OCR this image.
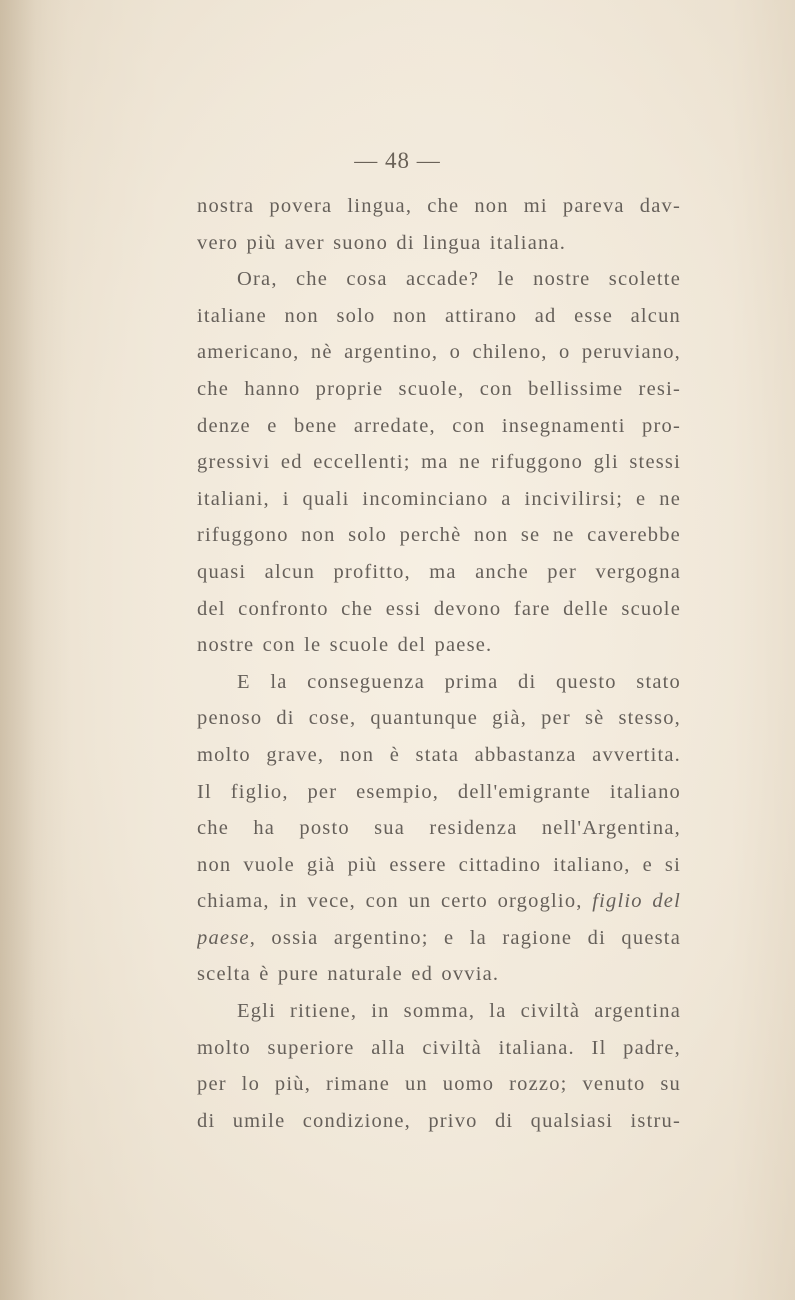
— 48 —
nostra povera lingua, che non mi pareva dav-
vero più aver suono di lingua italiana.
Ora, che cosa accade? le nostre scolette
italiane non solo non attirano ad esse alcun
americano, nè argentino, o chileno, o peruviano,
che hanno proprie scuole, con bellissime resi-
denze e bene arredate, con insegnamenti pro-
gressivi ed eccellenti; ma ne rifuggono gli stessi
italiani, i quali incominciano a incivilirsi; e ne
rifuggono non solo perchè non se ne caverebbe
quasi alcun profitto, ma anche per vergogna
del confronto che essi devono fare delle scuole
nostre con le scuole del paese.
E la conseguenza prima di questo stato
penoso di cose, quantunque già, per sè stesso,
molto grave, non è stata abbastanza avvertita.
Il figlio, per esempio, dell'emigrante italiano
che ha posto sua residenza nell'Argentina,
non vuole già più essere cittadino italiano, e si
chiama, in vece, con un certo orgoglio, figlio del
paese, ossia argentino; e la ragione di questa
scelta è pure naturale ed ovvia.
Egli ritiene, in somma, la civiltà argentina
molto superiore alla civiltà italiana. Il padre,
per lo più, rimane un uomo rozzo; venuto su
di umile condizione, privo di qualsiasi istru-
